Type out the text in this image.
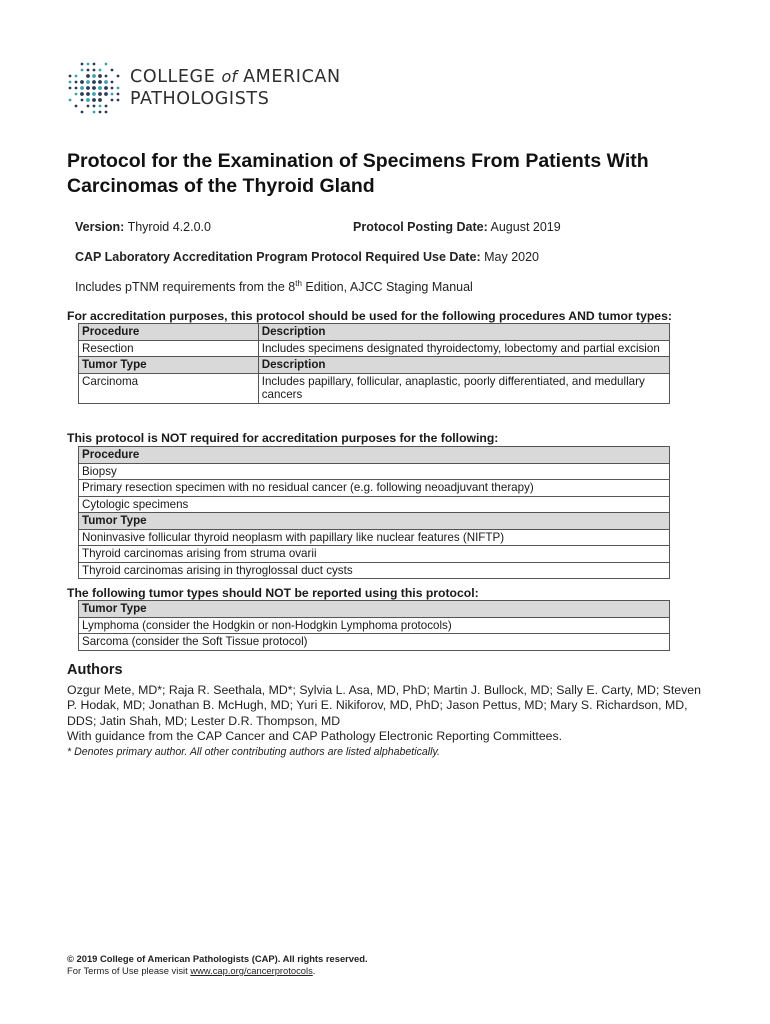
COLLEGE of AMERICAN
PATHOLOGISTS
Protocol for the Examination of Specimens From Patients With Carcinomas of the Thyroid Gland
Version: Thyroid 4.2.0.0	Protocol Posting Date: August 2019
CAP Laboratory Accreditation Program Protocol Required Use Date: May 2020
Includes pTNM requirements from the 8th Edition, AJCC Staging Manual
For accreditation purposes, this protocol should be used for the following procedures AND tumor types:
Procedure	Description
Resection	Includes specimens designated thyroidectomy, lobectomy and partial excision
Tumor Type	Description
Carcinoma	Includes papillary, follicular, anaplastic, poorly differentiated, and medullary cancers
This protocol is NOT required for accreditation purposes for the following:
Procedure
Biopsy
Primary resection specimen with no residual cancer (e.g. following neoadjuvant therapy)
Cytologic specimens
Tumor Type
Noninvasive follicular thyroid neoplasm with papillary like nuclear features (NIFTP)
Thyroid carcinomas arising from struma ovarii
Thyroid carcinomas arising in thyroglossal duct cysts
The following tumor types should NOT be reported using this protocol:
Tumor Type
Lymphoma (consider the Hodgkin or non-Hodgkin Lymphoma protocols)
Sarcoma (consider the Soft Tissue protocol)
Authors
Ozgur Mete, MD*; Raja R. Seethala, MD*; Sylvia L. Asa, MD, PhD; Martin J. Bullock, MD; Sally E. Carty, MD; Steven P. Hodak, MD; Jonathan B. McHugh, MD; Yuri E. Nikiforov, MD, PhD; Jason Pettus, MD; Mary S. Richardson, MD, DDS; Jatin Shah, MD; Lester D.R. Thompson, MD
With guidance from the CAP Cancer and CAP Pathology Electronic Reporting Committees.
* Denotes primary author. All other contributing authors are listed alphabetically.
© 2019 College of American Pathologists (CAP). All rights reserved.
For Terms of Use please visit www.cap.org/cancerprotocols.
